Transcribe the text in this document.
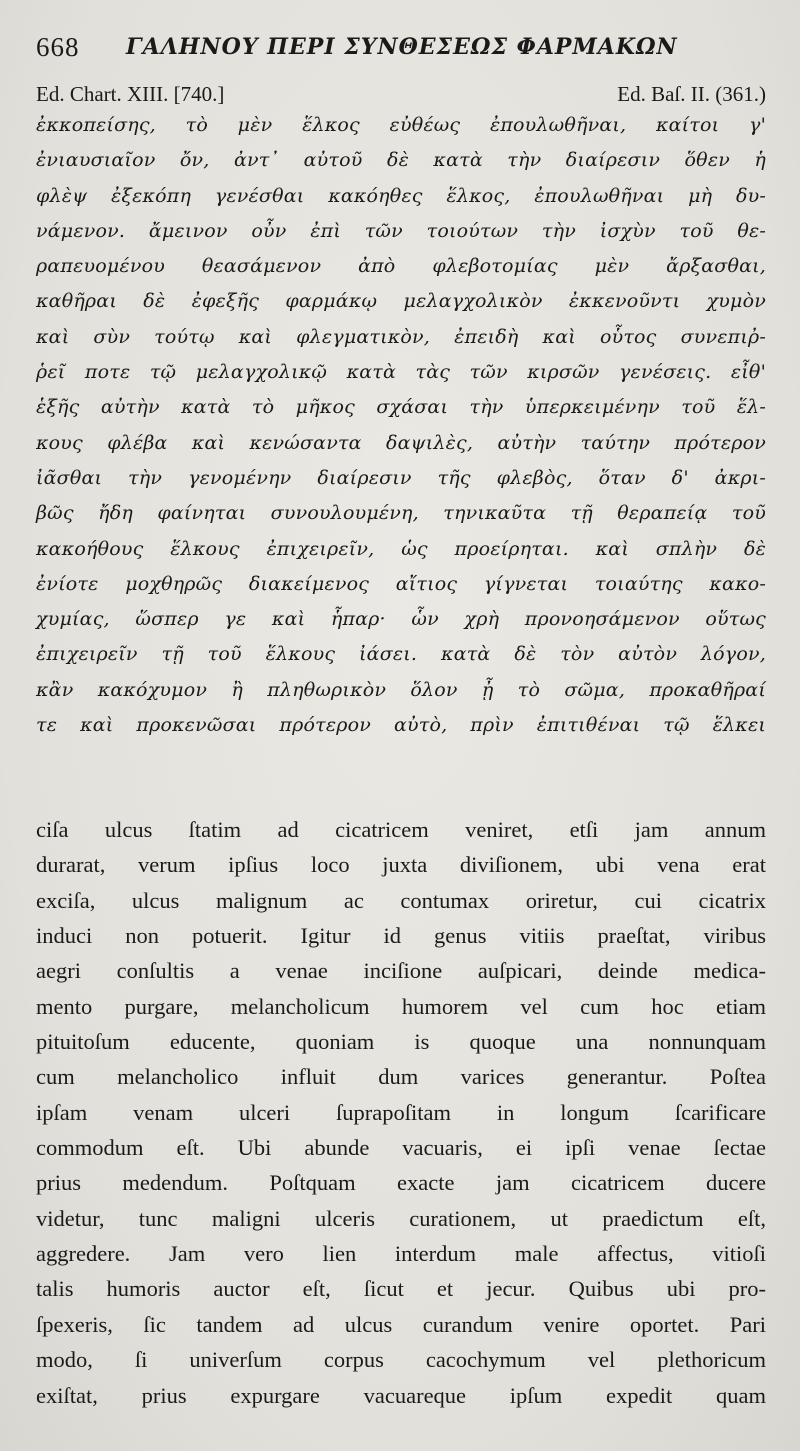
668 ΓΑΛΗΝΟΥ ΠΕΡΙ ΣΥΝΘΕΣΕΩΣ ΦΑΡΜΑΚΩΝ
Ed. Chart. XIII. [740.]	Ed. Baſ. II. (361.)
ἐκκοπείσης, τὸ μὲν ἕλκος εὐθέως ἐπουλωθῆναι, καίτοι γ'
ἐνιαυσιαῖον ὄν, ἀντ᾽ αὐτοῦ δὲ κατὰ τὴν διαίρεσιν ὅθεν ἡ
φλὲψ ἐξεκόπη γενέσθαι κακόηθες ἕλκος, ἐπουλωθῆναι μὴ δυ-
νάμενον. ἄμεινον οὖν ἐπὶ τῶν τοιούτων τὴν ἰσχὺν τοῦ θε-
ραπευομένου θεασάμενον ἀπὸ φλεβοτομίας μὲν ἄρξασθαι,
καθῆραι δὲ ἐφεξῆς φαρμάκῳ μελαγχολικὸν ἐκκενοῦντι χυμὸν
καὶ σὺν τούτῳ καὶ φλεγματικὸν, ἐπειδὴ καὶ οὗτος συνεπιῤ-
ῥεῖ ποτε τῷ μελαγχολικῷ κατὰ τὰς τῶν κιρσῶν γενέσεις. εἶθ'
ἑξῆς αὐτὴν κατὰ τὸ μῆκος σχάσαι τὴν ὑπερκειμένην τοῦ ἕλ-
κους φλέβα καὶ κενώσαντα δαψιλὲς, αὐτὴν ταύτην πρότερον
ἰᾶσθαι τὴν γενομένην διαίρεσιν τῆς φλεβὸς, ὅταν δ' ἀκρι-
βῶς ἤδη φαίνηται συνουλουμένη, τηνικαῦτα τῇ θεραπείᾳ τοῦ
κακοήθους ἕλκους ἐπιχειρεῖν, ὡς προείρηται. καὶ σπλὴν δὲ
ἐνίοτε μοχθηρῶς διακείμενος αἴτιος γίγνεται τοιαύτης κακο-
χυμίας, ὥσπερ γε καὶ ἧπαρ· ὧν χρὴ προνοησάμενον οὕτως
ἐπιχειρεῖν τῇ τοῦ ἕλκους ἰάσει. κατὰ δὲ τὸν αὐτὸν λόγον,
κἂν κακόχυμον ἢ πληθωρικὸν ὅλον ᾖ τὸ σῶμα, προκαθῆραί
τε καὶ προκενῶσαι πρότερον αὐτὸ, πρὶν ἐπιτιθέναι τῷ ἕλκει
ciſa ulcus ſtatim ad cicatricem veniret, etſi jam annum
durarat, verum ipſius loco juxta diviſionem, ubi vena erat
exciſa, ulcus malignum ac contumax oriretur, cui cicatrix
induci non potuerit. Igitur id genus vitiis praeſtat, viribus
aegri conſultis a venae inciſione auſpicari, deinde medica-
mento purgare, melancholicum humorem vel cum hoc etiam
pituitoſum educente, quoniam is quoque una nonnunquam
cum melancholico influit dum varices generantur. Poſtea
ipſam venam ulceri ſuprapoſitam in longum ſcarificare
commodum eſt. Ubi abunde vacuaris, ei ipſi venae ſectae
prius medendum. Poſtquam exacte jam cicatricem ducere
videtur, tunc maligni ulceris curationem, ut praedictum eſt,
aggredere. Jam vero lien interdum male affectus, vitioſi
talis humoris auctor eſt, ſicut et jecur. Quibus ubi pro-
ſpexeris, ſic tandem ad ulcus curandum venire oportet. Pari
modo, ſi univerſum corpus cacochymum vel plethoricum
exiſtat, prius expurgare vacuareque ipſum expedit quam
